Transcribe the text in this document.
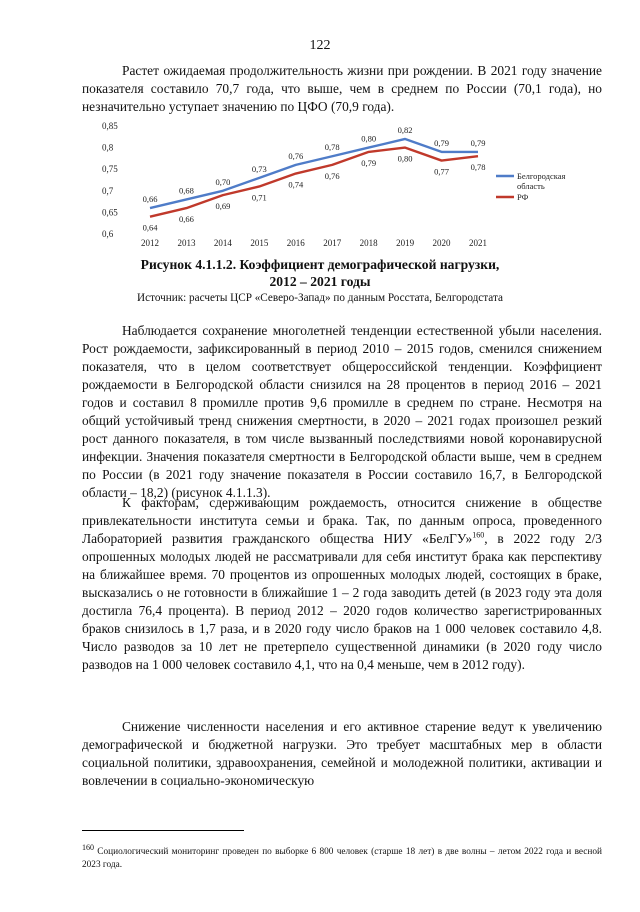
122

Растет ожидаемая продолжительность жизни при рождении. В 2021 году значение показателя составило 70,7 года, что выше, чем в среднем по России (70,1 года), но незначительно уступает значению по ЦФО (70,9 года).

0,66
0,68
0,70
0,73
0,76
0,78
0,80
0,82
0,79	0,79
0,64
0,66
0,69
0,71
0,74
0,76
0,79	0,80
0,77	0,78
0,6
0,65
0,7
0,75
0,8
0,85
2012 2013 2014 2015 2016 2017 2018 2019 2020 2021
Белгородская
область
РФ
Рисунок 4.1.1.2. Коэффициент демографической нагрузки,
2012 – 2021 годы
Источник: расчеты ЦСР «Северо-Запад» по данным Росстата, Белгородстата

Наблюдается сохранение многолетней тенденции естественной убыли населения. Рост рождаемости, зафиксированный в период 2010 – 2015 годов, сменился снижением показателя, что в целом соответствует общероссийской тенденции. Коэффициент рождаемости в Белгородской области снизился на 28 процентов в период 2016 – 2021 годов и составил 8 промилле против 9,6 промилле в среднем по стране. Несмотря на общий устойчивый тренд снижения смертности, в 2020 – 2021 годах произошел резкий рост данного показателя, в том числе вызванный последствиями новой коронавирусной инфекции. Значения показателя смертности в Белгородской области выше, чем в среднем по России (в 2021 году значение показателя в России составило 16,7, в Белгородской области – 18,2) (рисунок 4.1.1.3).

К факторам, сдерживающим рождаемость, относится снижение в обществе привлекательности института семьи и брака. Так, по данным опроса, проведенного Лабораторией развития гражданского общества НИУ «БелГУ»$^{160}$, в 2022 году 2/3 опрошенных молодых людей не рассматривали для себя институт брака как перспективу на ближайшее время. 70 процентов из опрошенных молодых людей, состоящих в браке, высказались о не готовности в ближайшие 1 – 2 года заводить детей (в 2023 году эта доля достигла 76,4 процента). В период 2012 – 2020 годов количество зарегистрированных браков снизилось в 1,7 раза, и в 2020 году число браков на 1 000 человек составило 4,8. Число разводов за 10 лет не претерпело существенной динамики (в 2020 году число разводов на 1 000 человек составило 4,1, что на 0,4 меньше, чем в 2012 году).

Снижение численности населения и его активное старение ведут к увеличению демографической и бюджетной нагрузки. Это требует масштабных мер в области социальной политики, здравоохранения, семейной и молодежной политики, активации и вовлечении в социально-экономическую

$^{160}$ Социологический мониторинг проведен по выборке 6 800 человек (старше 18 лет) в две волны – летом 2022 года и весной 2023 года.
